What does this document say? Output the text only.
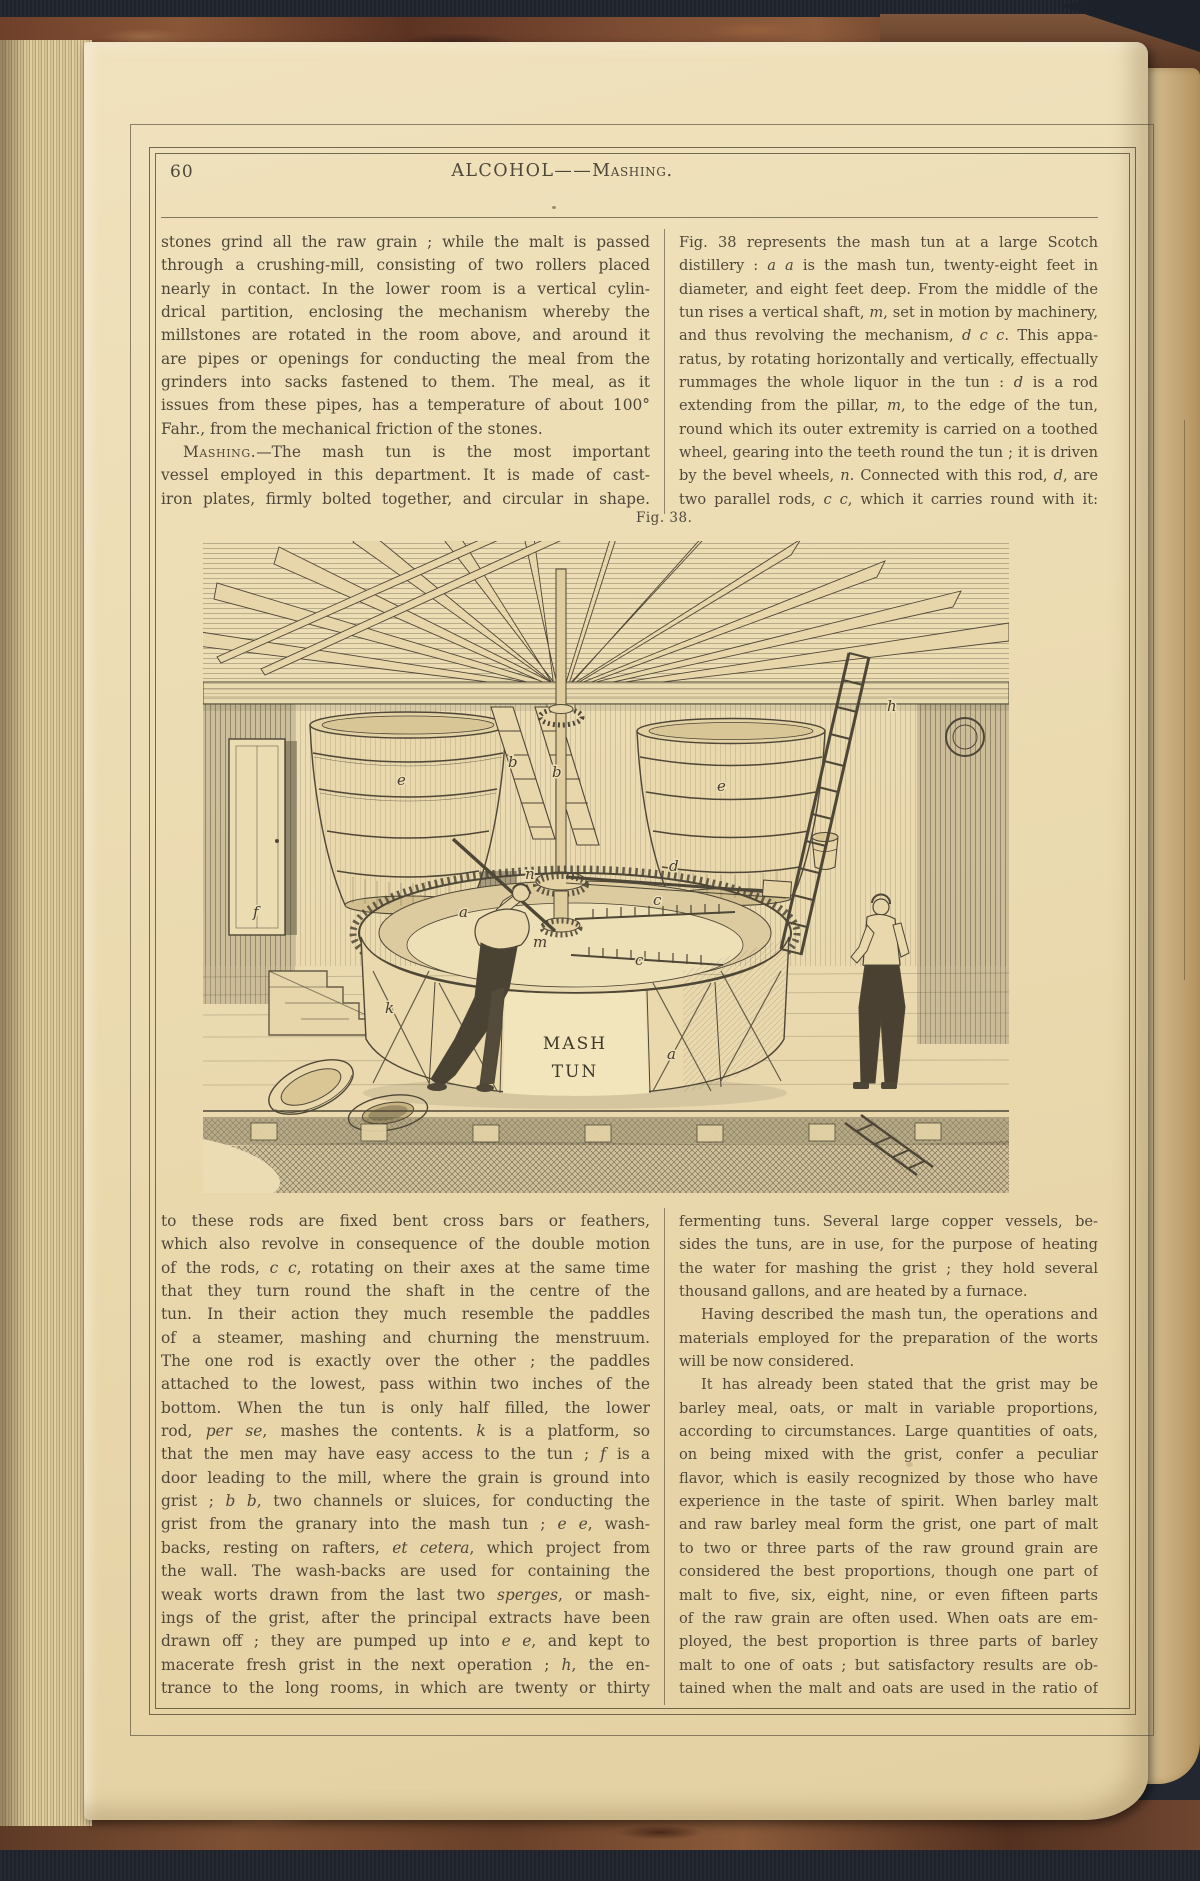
60	ALCOHOL——Mashing.
stones grind all the raw grain ; while the malt is passed
through a crushing-mill, consisting of two rollers placed
nearly in contact. In the lower room is a vertical cylin-
drical partition, enclosing the mechanism whereby the
millstones are rotated in the room above, and around it
are pipes or openings for conducting the meal from the
grinders into sacks fastened to them. The meal, as it
issues from these pipes, has a temperature of about 100°
Fahr., from the mechanical friction of the stones.
Mashing.—The mash tun is the most important
vessel employed in this department. It is made of cast-
iron plates, firmly bolted together, and circular in shape.
Fig. 38 represents the mash tun at a large Scotch
distillery : a a is the mash tun, twenty-eight feet in
diameter, and eight feet deep. From the middle of the
tun rises a vertical shaft, m, set in motion by machinery,
and thus revolving the mechanism, d c c. This appa-
ratus, by rotating horizontally and vertically, effectually
rummages the whole liquor in the tun : d is a rod
extending from the pillar, m, to the edge of the tun,
round which its outer extremity is carried on a toothed
wheel, gearing into the teeth round the tun ; it is driven
by the bevel wheels, n. Connected with this rod, d, are
two parallel rods, c c, which it carries round with it:
Fig. 38.
MASH
TUN
e	e
b
b
f
k
a
a
m
n	d
c
c
h
to these rods are fixed bent cross bars or feathers,
which also revolve in consequence of the double motion
of the rods, c c, rotating on their axes at the same time
that they turn round the shaft in the centre of the
tun. In their action they much resemble the paddles
of a steamer, mashing and churning the menstruum.
The one rod is exactly over the other ; the paddles
attached to the lowest, pass within two inches of the
bottom. When the tun is only half filled, the lower
rod, per se, mashes the contents. k is a platform, so
that the men may have easy access to the tun ; f is a
door leading to the mill, where the grain is ground into
grist ; b b, two channels or sluices, for conducting the
grist from the granary into the mash tun ; e e, wash-
backs, resting on rafters, et cetera, which project from
the wall. The wash-backs are used for containing the
weak worts drawn from the last two sperges, or mash-
ings of the grist, after the principal extracts have been
drawn off ; they are pumped up into e e, and kept to
macerate fresh grist in the next operation ; h, the en-
trance to the long rooms, in which are twenty or thirty
fermenting tuns. Several large copper vessels, be-
sides the tuns, are in use, for the purpose of heating
the water for mashing the grist ; they hold several
thousand gallons, and are heated by a furnace.
Having described the mash tun, the operations and
materials employed for the preparation of the worts
will be now considered.
It has already been stated that the grist may be
barley meal, oats, or malt in variable proportions,
according to circumstances. Large quantities of oats,
on being mixed with the grist, confer a peculiar
flavor, which is easily recognized by those who have
experience in the taste of spirit. When barley malt
and raw barley meal form the grist, one part of malt
to two or three parts of the raw ground grain are
considered the best proportions, though one part of
malt to five, six, eight, nine, or even fifteen parts
of the raw grain are often used. When oats are em-
ployed, the best proportion is three parts of barley
malt to one of oats ; but satisfactory results are ob-
tained when the malt and oats are used in the ratio of
